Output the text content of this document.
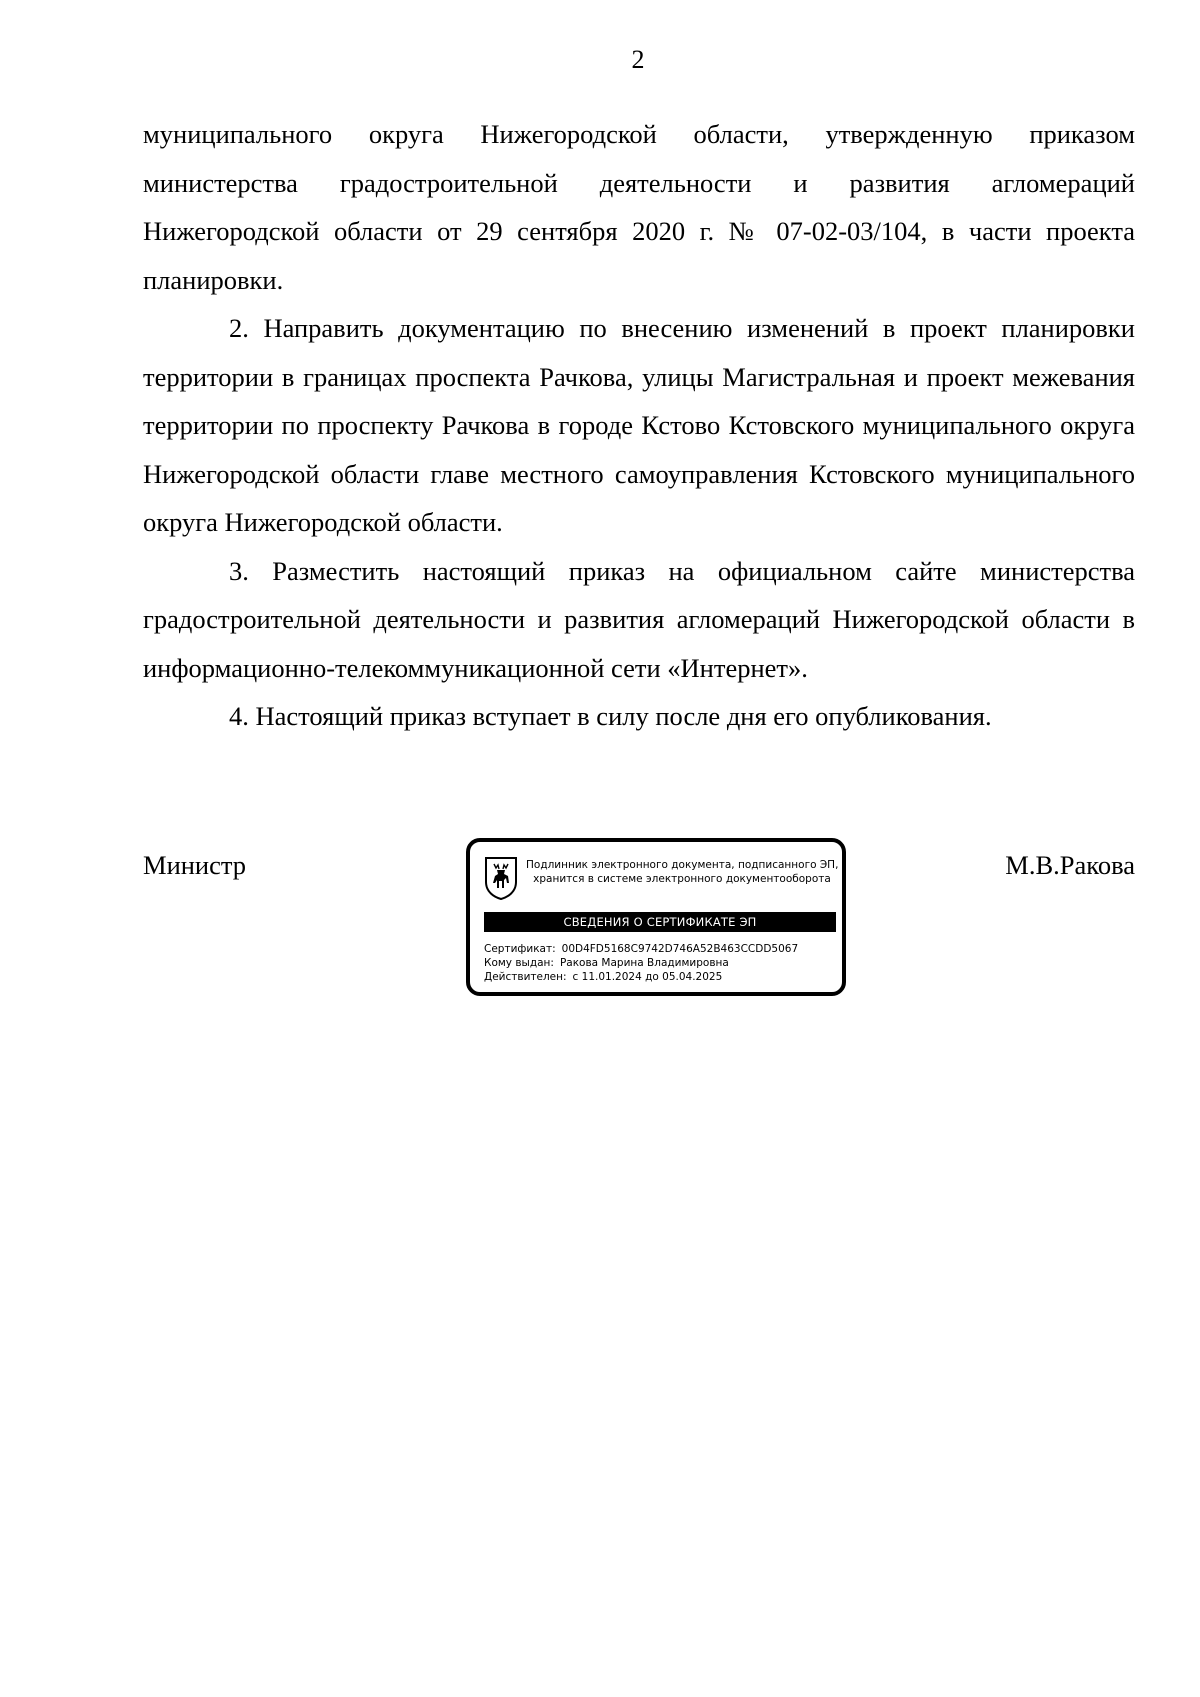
2

муниципального округа Нижегородской области, утвержденную приказом министерства градостроительной деятельности и развития агломераций Нижегородской области от 29 сентября 2020 г. № 07-02-03/104, в части проекта планировки.

2. Направить документацию по внесению изменений в проект планировки территории в границах проспекта Рачкова, улицы Магистральная и проект межевания территории по проспекту Рачкова в городе Кстово Кстовского муниципального округа Нижегородской области главе местного самоуправления Кстовского муниципального округа Нижегородской области.

3. Разместить настоящий приказ на официальном сайте министерства градостроительной деятельности и развития агломераций Нижегородской области в информационно-телекоммуникационной сети «Интернет».

4. Настоящий приказ вступает в силу после дня его опубликования.

Министр	М.В.Ракова
Подлинник электронного документа, подписанного ЭП,
хранится в системе электронного документооборота
СВЕДЕНИЯ О СЕРТИФИКАТЕ ЭП
Сертификат: 00D4FD5168C9742D746A52B463CCDD5067
Кому выдан: Ракова Марина Владимировна
Действителен: с 11.01.2024 до 05.04.2025
